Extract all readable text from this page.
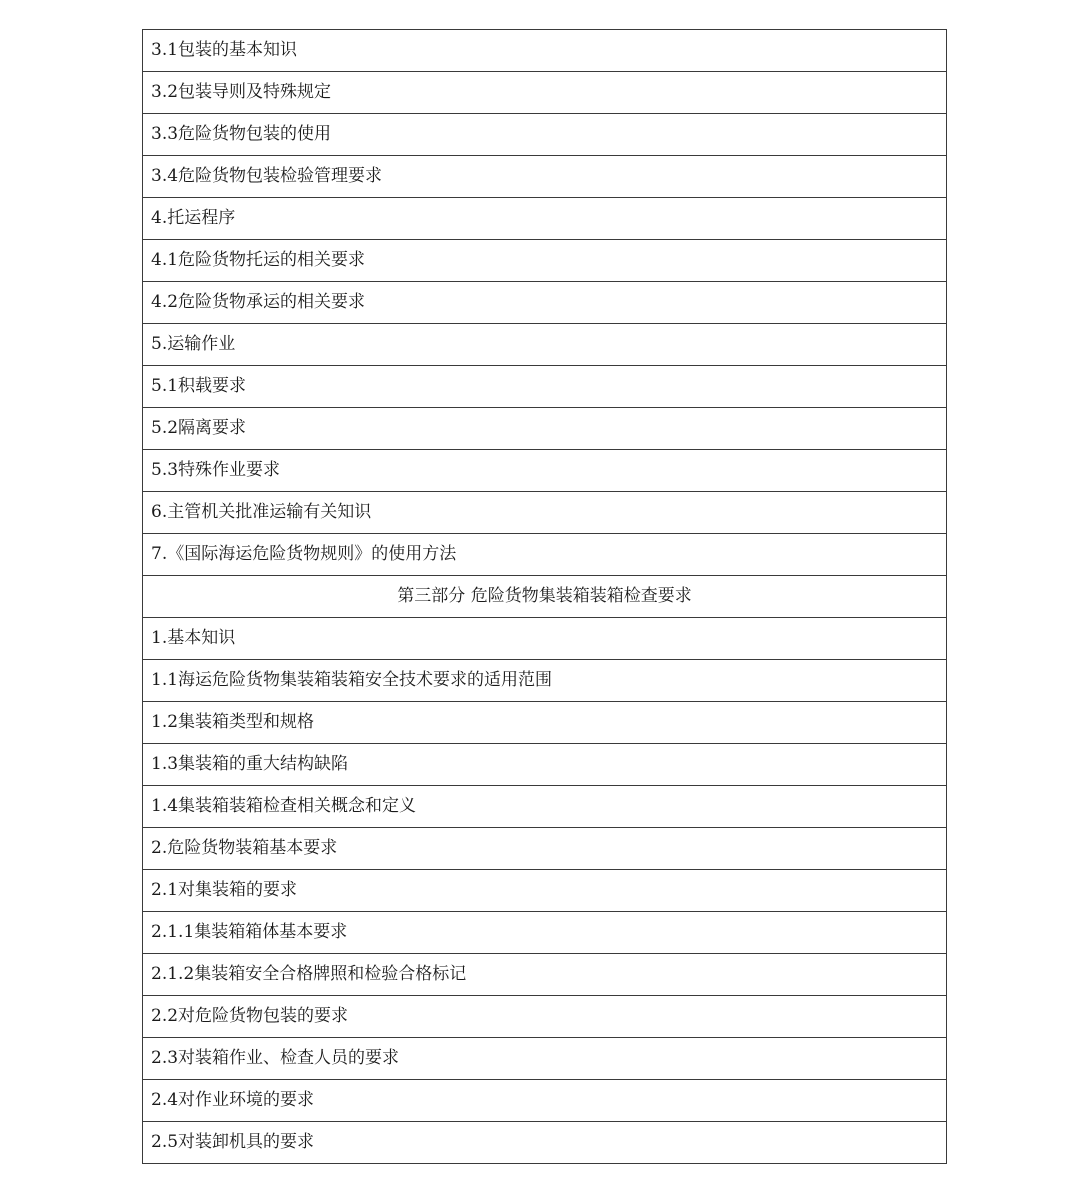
3.1包装的基本知识
3.2包装导则及特殊规定
3.3危险货物包装的使用
3.4危险货物包装检验管理要求
4.托运程序
4.1危险货物托运的相关要求
4.2危险货物承运的相关要求
5.运输作业
5.1积载要求
5.2隔离要求
5.3特殊作业要求
6.主管机关批准运输有关知识
7.《国际海运危险货物规则》的使用方法
第三部分 危险货物集装箱装箱检查要求
1.基本知识
1.1海运危险货物集装箱装箱安全技术要求的适用范围
1.2集装箱类型和规格
1.3集装箱的重大结构缺陷
1.4集装箱装箱检查相关概念和定义
2.危险货物装箱基本要求
2.1对集装箱的要求
2.1.1集装箱箱体基本要求
2.1.2集装箱安全合格牌照和检验合格标记
2.2对危险货物包装的要求
2.3对装箱作业、检查人员的要求
2.4对作业环境的要求
2.5对装卸机具的要求
